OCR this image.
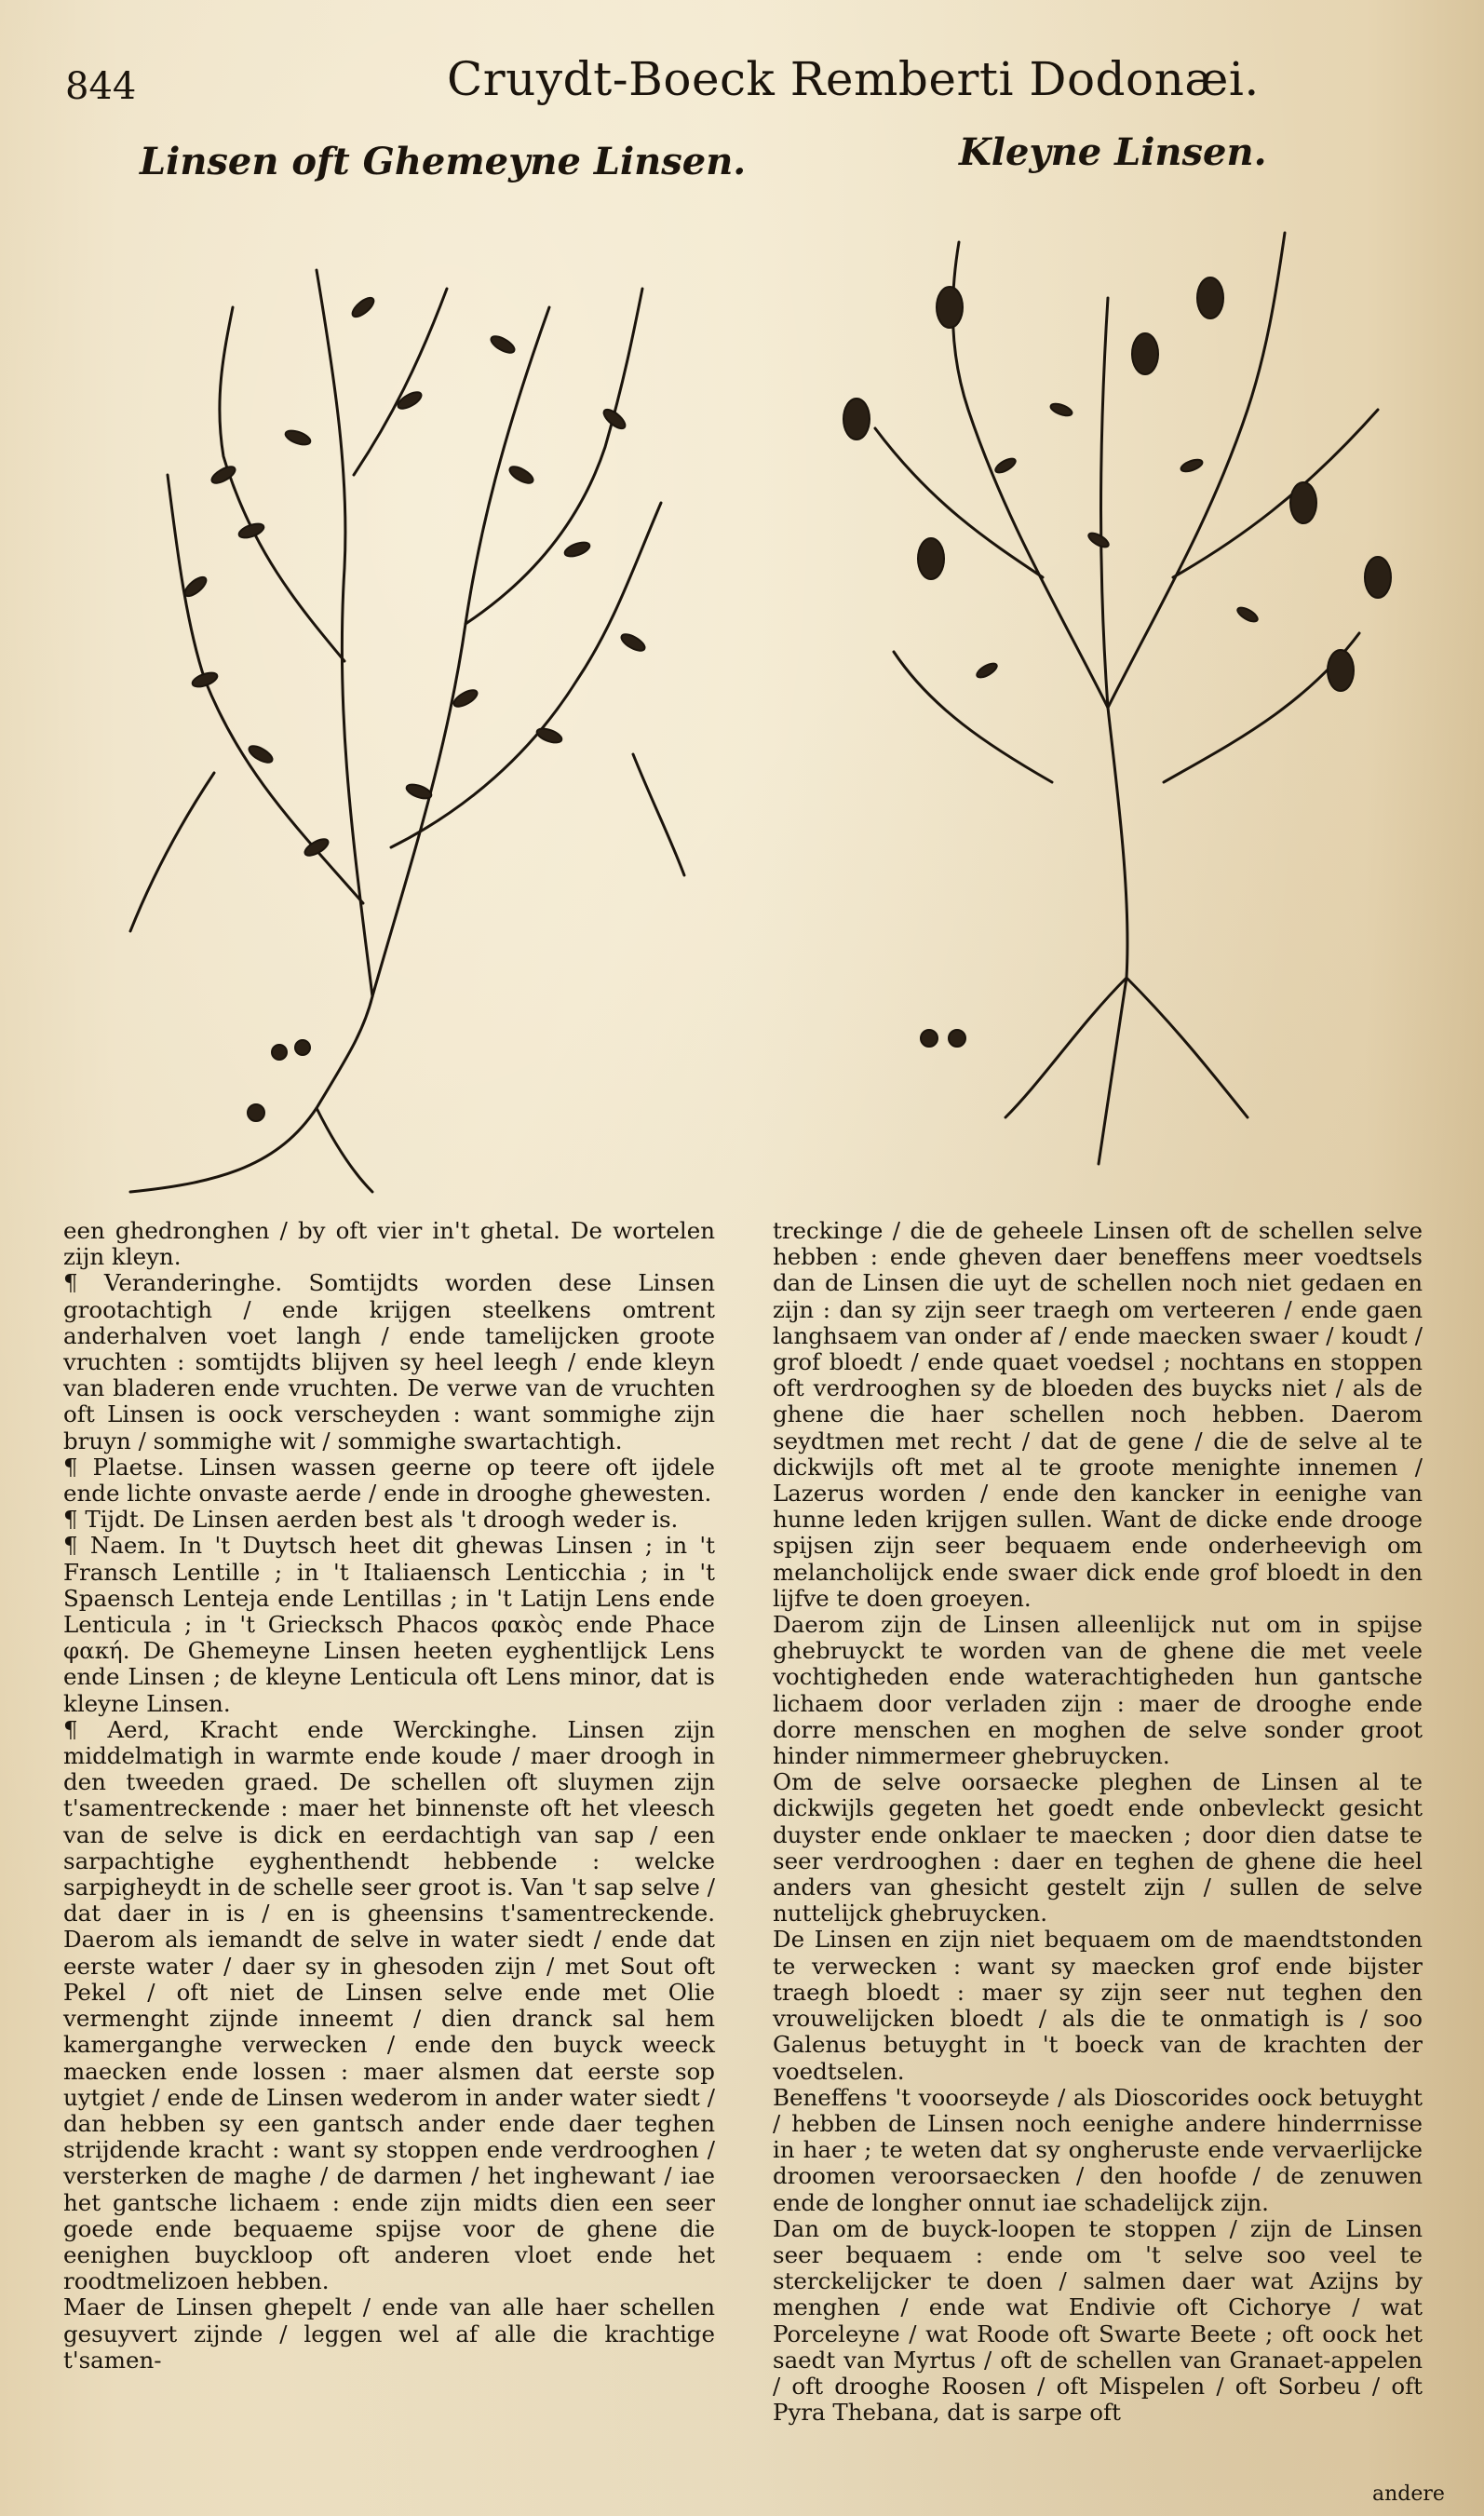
844	Cruydt-Boeck Remberti Dodonæi.
Linsen oft Ghemeyne Linsen.	Kleyne Linsen.

een ghedronghen / by oft vier in't ghetal. De wortelen zijn kleyn.

¶ Veranderinghe. Somtijdts worden dese Linsen grootachtigh / ende krijgen steelkens omtrent anderhalven voet langh / ende tamelijcken groote vruchten : somtijdts blijven sy heel leegh / ende kleyn van bladeren ende vruchten. De verwe van de vruchten oft Linsen is oock verscheyden : want sommighe zijn bruyn / sommighe wit / sommighe swartachtigh.

¶ Plaetse. Linsen wassen geerne op teere oft ijdele ende lichte onvaste aerde / ende in drooghe ghewesten.

¶ Tijdt. De Linsen aerden best als 't droogh weder is.

¶ Naem. In 't Duytsch heet dit ghewas Linsen ; in 't Fransch Lentille ; in 't Italiaensch Lenticchia ; in 't Spaensch Lenteja ende Lentillas ; in 't Latijn Lens ende Lenticula ; in 't Griecksch Phacos φακὸς ende Phace φακή. De Ghemeyne Linsen heeten eyghentlijck Lens ende Linsen ; de kleyne Lenticula oft Lens minor, dat is kleyne Linsen.

¶ Aerd, Kracht ende Werckinghe. Linsen zijn middelmatigh in warmte ende koude / maer droogh in den tweeden graed. De schellen oft sluymen zijn t'samentreckende : maer het binnenste oft het vleesch van de selve is dick en eerdachtigh van sap / een sarpachtighe eyghenthendt hebbende : welcke sarpigheydt in de schelle seer groot is. Van 't sap selve / dat daer in is / en is gheensins t'samentreckende. Daerom als iemandt de selve in water siedt / ende dat eerste water / daer sy in ghesoden zijn / met Sout oft Pekel / oft niet de Linsen selve ende met Olie vermenght zijnde inneemt / dien dranck sal hem kamerganghe verwecken / ende den buyck weeck maecken ende lossen : maer alsmen dat eerste sop uytgiet / ende de Linsen wederom in ander water siedt / dan hebben sy een gantsch ander ende daer teghen strijdende kracht : want sy stoppen ende verdrooghen / versterken de maghe / de darmen / het inghewant / iae het gantsche lichaem : ende zijn midts dien een seer goede ende bequaeme spijse voor de ghene die eenighen buyckloop oft anderen vloet ende het roodtmelizoen hebben.

Maer de Linsen ghepelt / ende van alle haer schellen gesuyvert zijnde / leggen wel af alle die krachtige t'samen-

treckinge / die de geheele Linsen oft de schellen selve hebben : ende gheven daer beneffens meer voedtsels dan de Linsen die uyt de schellen noch niet gedaen en zijn : dan sy zijn seer traegh om verteeren / ende gaen langhsaem van onder af / ende maecken swaer / koudt / grof bloedt / ende quaet voedsel ; nochtans en stoppen oft verdrooghen sy de bloeden des buycks niet / als de ghene die haer schellen noch hebben. Daerom seydtmen met recht / dat de gene / die de selve al te dickwijls oft met al te groote menighte innemen / Lazerus worden / ende den kancker in eenighe van hunne leden krijgen sullen. Want de dicke ende drooge spijsen zijn seer bequaem ende onderheevigh om melancholijck ende swaer dick ende grof bloedt in den lijfve te doen groeyen.

Daerom zijn de Linsen alleenlijck nut om in spijse ghebruyckt te worden van de ghene die met veele vochtigheden ende waterachtigheden hun gantsche lichaem door verladen zijn : maer de drooghe ende dorre menschen en moghen de selve sonder groot hinder nimmermeer ghebruycken.

Om de selve oorsaecke pleghen de Linsen al te dickwijls gegeten het goedt ende onbevleckt gesicht duyster ende onklaer te maecken ; door dien datse te seer verdrooghen : daer en teghen de ghene die heel anders van ghesicht gestelt zijn / sullen de selve nuttelijck ghebruycken.

De Linsen en zijn niet bequaem om de maendtstonden te verwecken : want sy maecken grof ende bijster traegh bloedt : maer sy zijn seer nut teghen den vrouwelijcken bloedt / als die te onmatigh is / soo Galenus betuyght in 't boeck van de krachten der voedtselen.

Beneffens 't vooorseyde / als Dioscorides oock betuyght / hebben de Linsen noch eenighe andere hinderrnisse in haer ; te weten dat sy ongheruste ende vervaerlijcke droomen veroorsaecken / den hoofde / de zenuwen ende de longher onnut iae schadelijck zijn.

Dan om de buyck-loopen te stoppen / zijn de Linsen seer bequaem : ende om 't selve soo veel te sterckelijcker te doen / salmen daer wat Azijns by menghen / ende wat Endivie oft Cichorye / wat Porceleyne / wat Roode oft Swarte Beete ; oft oock het saedt van Myrtus / oft de schellen van Granaet-appelen / oft drooghe Roosen / oft Mispelen / oft Sorbeu / oft Pyra Thebana, dat is sarpe oft

andere
